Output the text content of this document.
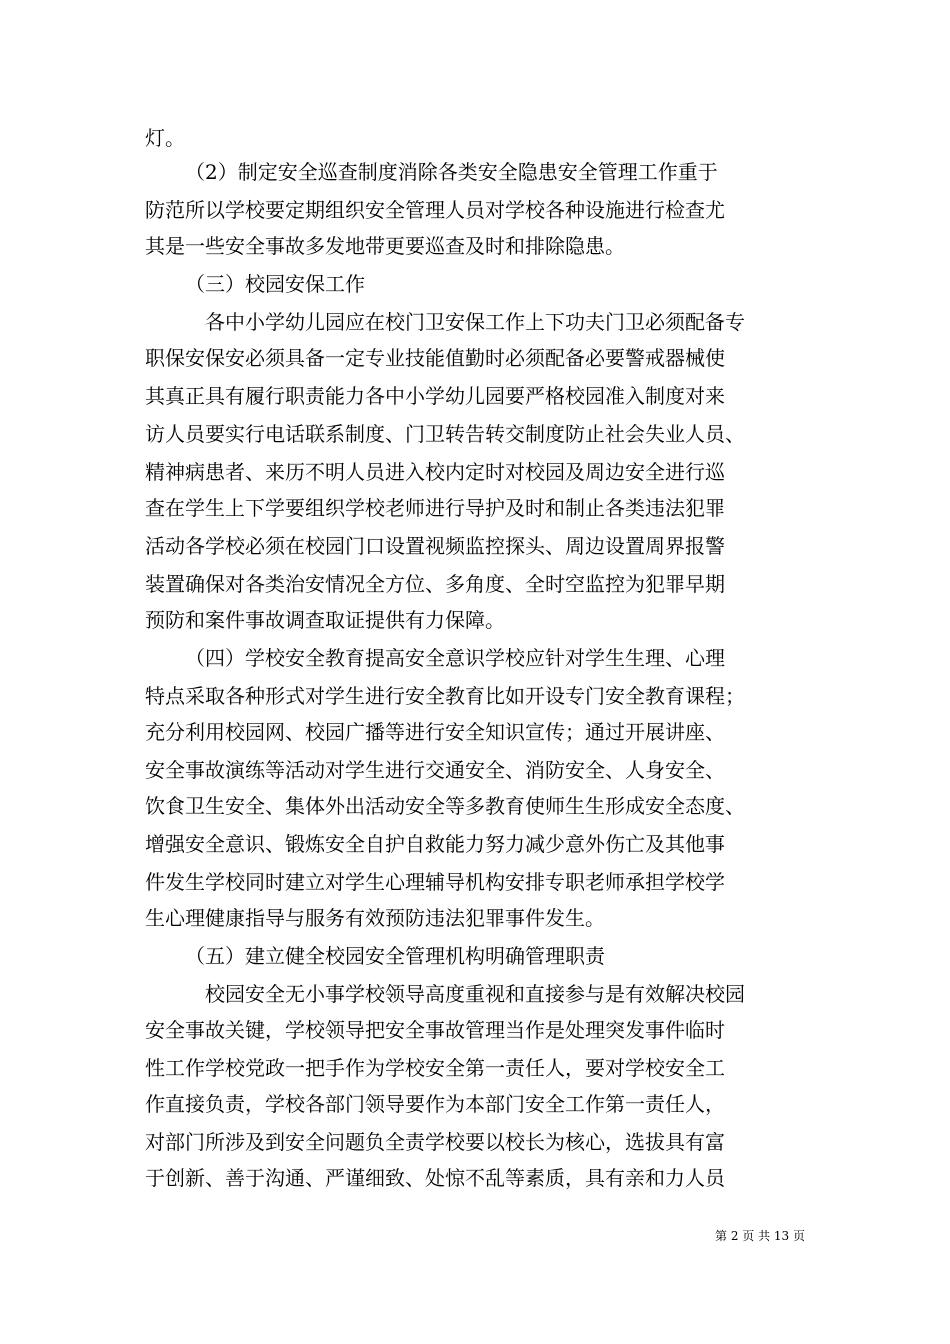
灯。
（2）制定安全巡查制度消除各类安全隐患安全管理工作重于
防范所以学校要定期组织安全管理人员对学校各种设施进行检查尤
其是一些安全事故多发地带更要巡查及时和排除隐患。
（三）校园安保工作
各中小学幼儿园应在校门卫安保工作上下功夫门卫必须配备专
职保安保安必须具备一定专业技能值勤时必须配备必要警戒器械使
其真正具有履行职责能力各中小学幼儿园要严格校园准入制度对来
访人员要实行电话联系制度、门卫转告转交制度防止社会失业人员、
精神病患者、来历不明人员进入校内定时对校园及周边安全进行巡
查在学生上下学要组织学校老师进行导护及时和制止各类违法犯罪
活动各学校必须在校园门口设置视频监控探头、周边设置周界报警
装置确保对各类治安情况全方位、多角度、全时空监控为犯罪早期
预防和案件事故调查取证提供有力保障。
（四）学校安全教育提高安全意识学校应针对学生生理、心理
特点采取各种形式对学生进行安全教育比如开设专门安全教育课程；
充分利用校园网、校园广播等进行安全知识宣传；通过开展讲座、
安全事故演练等活动对学生进行交通安全、消防安全、人身安全、
饮食卫生安全、集体外出活动安全等多教育使师生生形成安全态度、
增强安全意识、锻炼安全自护自救能力努力减少意外伤亡及其他事
件发生学校同时建立对学生心理辅导机构安排专职老师承担学校学
生心理健康指导与服务有效预防违法犯罪事件发生。
（五）建立健全校园安全管理机构明确管理职责
校园安全无小事学校领导高度重视和直接参与是有效解决校园
安全事故关键，学校领导把安全事故管理当作是处理突发事件临时
性工作学校党政一把手作为学校安全第一责任人，要对学校安全工
作直接负责，学校各部门领导要作为本部门安全工作第一责任人，
对部门所涉及到安全问题负全责学校要以校长为核心，选拔具有富
于创新、善于沟通、严谨细致、处惊不乱等素质，具有亲和力人员
第 2 页 共 13 页
